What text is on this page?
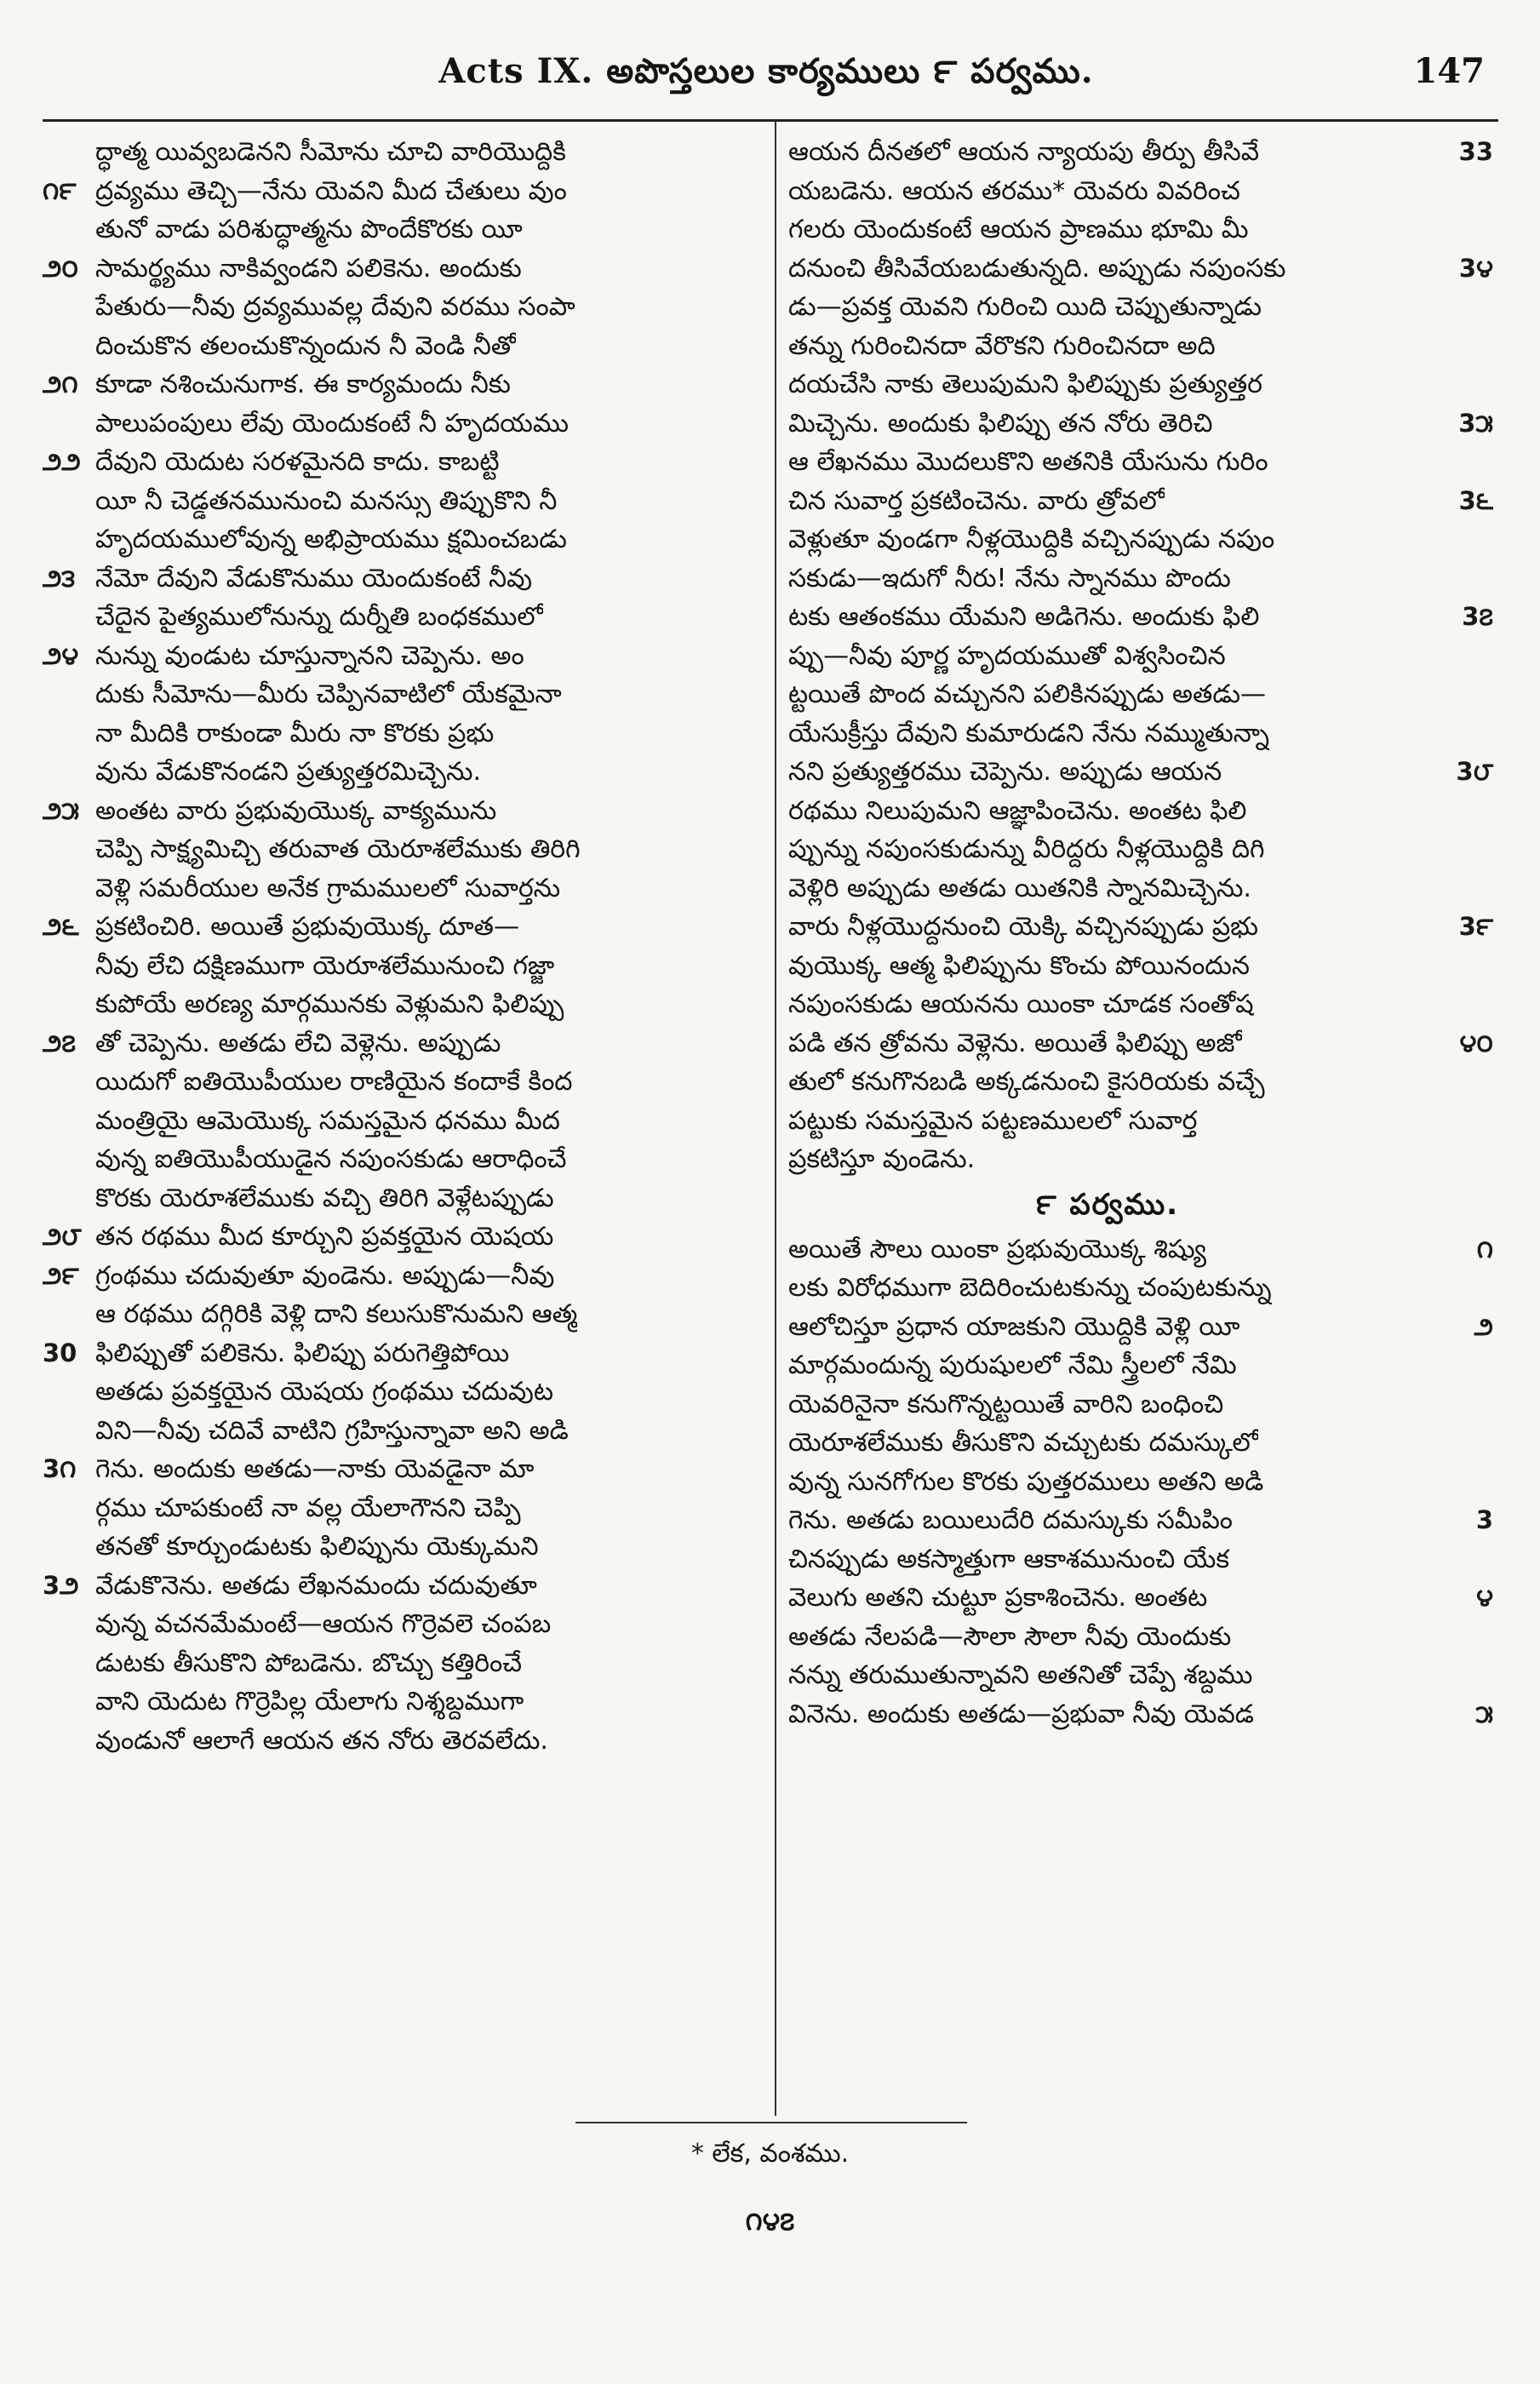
Acts IX. అపొస్తలుల కార్యములు ౯ పర్వము.	147
ద్ధాత్మ యివ్వబడెనని సీమోను చూచి వారియొద్దికి
౧౯ ద్రవ్యము తెచ్చి—నేను యెవని మీద చేతులు వుం
తునో వాడు పరిశుద్ధాత్మను పొందేకొరకు యీ
౨౦ సామర్థ్యము నాకివ్వండని పలికెను. అందుకు
పేతురు—నీవు ద్రవ్యమువల్ల దేవుని వరము సంపా
దించుకొన తలంచుకొన్నందున నీ వెండి నీతో
౨౧ కూడా నశించునుగాక. ఈ కార్యమందు నీకు
పాలుపంపులు లేవు యెందుకంటే నీ హృదయము
౨౨ దేవుని యెదుట సరళమైనది కాదు. కాబట్టి
యీ నీ చెడ్డతనమునుంచి మనస్సు తిప్పుకొని నీ
హృదయములోవున్న అభిప్రాయము క్షమించబడు
౨౩ నేమో దేవుని వేడుకొనుము యెందుకంటే నీవు
చేదైన పైత్యములోనున్ను దుర్నీతి బంధకములో
౨౪ నున్ను వుండుట చూస్తున్నానని చెప్పెను. అం
దుకు సీమోను—మీరు చెప్పినవాటిలో యేకమైనా
నా మీదికి రాకుండా మీరు నా కొరకు ప్రభు
వును వేడుకొనండని ప్రత్యుత్తరమిచ్చెను.
౨౫ అంతట వారు ప్రభువుయొక్క వాక్యమును
చెప్పి సాక్ష్యమిచ్చి తరువాత యెరూశలేముకు తిరిగి
వెళ్లి సమరీయుల అనేక గ్రామములలో సువార్తను
౨౬ ప్రకటించిరి. అయితే ప్రభువుయొక్క దూత—
నీవు లేచి దక్షిణముగా యెరూశలేమునుంచి గజ్జా
కుపోయే అరణ్య మార్గమునకు వెళ్లుమని ఫిలిప్పు
౨౭ తో చెప్పెను. అతడు లేచి వెళ్లెను. అప్పుడు
యిదుగో ఐతియొపీయుల రాణియైన కందాకే కింద
మంత్రియై ఆమెయొక్క సమస్తమైన ధనము మీద
వున్న ఐతియొపీయుడైన నపుంసకుడు ఆరాధించే
కొరకు యెరూశలేముకు వచ్చి తిరిగి వెళ్లేటప్పుడు
౨౮ తన రథము మీద కూర్చుని ప్రవక్తయైన యెషయ
౨౯ గ్రంథము చదువుతూ వుండెను. అప్పుడు—నీవు
ఆ రథము దగ్గిరికి వెళ్లి దాని కలుసుకొనుమని ఆత్మ
30 ఫిలిప్పుతో పలికెను. ఫిలిప్పు పరుగెత్తిపోయి
అతడు ప్రవక్తయైన యెషయ గ్రంథము చదువుట
విని—నీవు చదివే వాటిని గ్రహిస్తున్నావా అని అడి
3౧ గెను. అందుకు అతడు—నాకు యెవడైనా మా
ర్గము చూపకుంటే నా వల్ల యేలాగౌనని చెప్పి
తనతో కూర్చుండుటకు ఫిలిప్పును యెక్కుమని
3౨ వేడుకొనెను. అతడు లేఖనమందు చదువుతూ
వున్న వచనమేమంటే—ఆయన గొర్రెవలె చంపబ
డుటకు తీసుకొని పోబడెను. బొచ్చు కత్తిరించే
వాని యెదుట గొర్రెపిల్ల యేలాగు నిశ్శబ్దముగా
వుండునో ఆలాగే ఆయన తన నోరు తెరవలేదు.
33
ఆయన దీనతలో ఆయన న్యాయపు తీర్పు తీసివే
యబడెను. ఆయన తరము* యెవరు వివరించ
గలరు యెందుకంటే ఆయన ప్రాణము భూమి మీ
3౪
దనుంచి తీసివేయబడుతున్నది. అప్పుడు నపుంసకు
డు—ప్రవక్త యెవని గురించి యిది చెప్పుతున్నాడు
తన్ను గురించినదా వేరొకని గురించినదా అది
దయచేసి నాకు తెలుపుమని ఫిలిప్పుకు ప్రత్యుత్తర
3౫
మిచ్చెను. అందుకు ఫిలిప్పు తన నోరు తెరిచి
ఆ లేఖనము మొదలుకొని అతనికి యేసును గురిం
3౬
చిన సువార్త ప్రకటించెను. వారు త్రోవలో
వెళ్లుతూ వుండగా నీళ్లయొద్దికి వచ్చినప్పుడు నపుం
సకుడు—ఇదుగో నీరు! నేను స్నానము పొందు
3౭
టకు ఆతంకము యేమని అడిగెను. అందుకు ఫిలి
ప్పు—నీవు పూర్ణ హృదయముతో విశ్వసించిన
ట్టయితే పొంద వచ్చునని పలికినప్పుడు అతడు—
యేసుక్రీస్తు దేవుని కుమారుడని నేను నమ్ముతున్నా
3౮
నని ప్రత్యుత్తరము చెప్పెను. అప్పుడు ఆయన
రథము నిలుపుమని ఆజ్ఞాపించెను. అంతట ఫిలి
ప్పున్ను నపుంసకుడున్ను వీరిద్దరు నీళ్లయొద్దికి దిగి
వెళ్లిరి అప్పుడు అతడు యితనికి స్నానమిచ్చెను.
3౯
వారు నీళ్లయొద్దనుంచి యెక్కి వచ్చినప్పుడు ప్రభు
వుయొక్క ఆత్మ ఫిలిప్పును కొంచు పోయినందున
నపుంసకుడు ఆయనను యింకా చూడక సంతోష
౪౦
పడి తన త్రోవను వెళ్లెను. అయితే ఫిలిప్పు అజో
తులో కనుగొనబడి అక్కడనుంచి కైసరియకు వచ్చే
పట్టుకు సమస్తమైన పట్టణములలో సువార్త
ప్రకటిస్తూ వుండెను.
౯ పర్వము.
౧
అయితే సౌలు యింకా ప్రభువుయొక్క శిష్యు
లకు విరోధముగా బెదిరించుటకున్ను చంపుటకున్ను
౨
ఆలోచిస్తూ ప్రధాన యాజకుని యొద్దికి వెళ్లి యీ
మార్గమందున్న పురుషులలో నేమి స్త్రీలలో నేమి
యెవరినైనా కనుగొన్నట్టయితే వారిని బంధించి
యెరూశలేముకు తీసుకొని వచ్చుటకు దమస్కులో
వున్న సునగోగుల కొరకు పుత్తరములు అతని అడి
3
గెను. అతడు బయిలుదేరి దమస్కుకు సమీపిం
చినప్పుడు అకస్మాత్తుగా ఆకాశమునుంచి యేక
౪
వెలుగు అతని చుట్టూ ప్రకాశించెను. అంతట
అతడు నేలపడి—సౌలా సౌలా నీవు యెందుకు
నన్ను తరుముతున్నావని అతనితో చెప్పే శబ్దము
౫
వినెను. అందుకు అతడు—ప్రభువా నీవు యెవడ
* లేక, వంశము.
౧౪౭
